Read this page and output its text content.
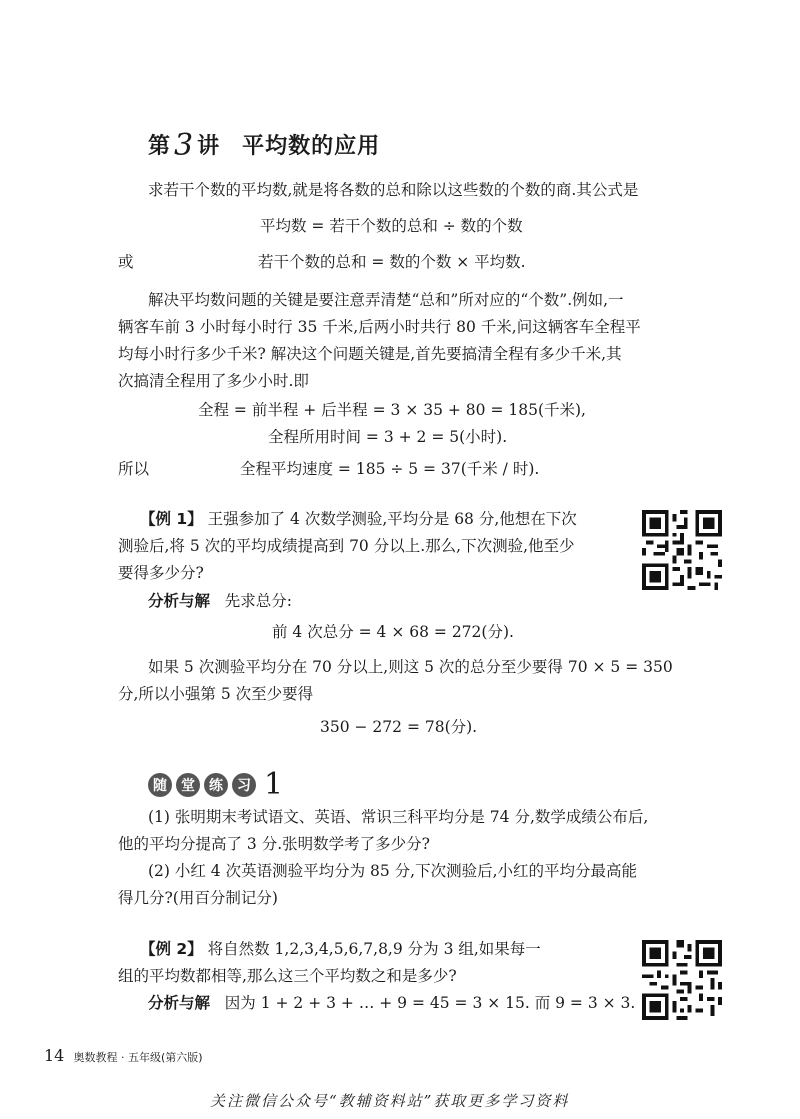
第 3 讲 平均数的应用
求若干个数的平均数,就是将各数的总和除以这些数的个数的商.其公式是
平均数 = 若干个数的总和 ÷ 数的个数
或	若干个数的总和 = 数的个数 × 平均数.
解决平均数问题的关键是要注意弄清楚“总和”所对应的“个数”.例如,一
辆客车前 3 小时每小时行 35 千米,后两小时共行 80 千米,问这辆客车全程平
均每小时行多少千米? 解决这个问题关键是,首先要搞清全程有多少千米,其
次搞清全程用了多少小时.即
全程 = 前半程 + 后半程 = 3 × 35 + 80 = 185(千米),
全程所用时间 = 3 + 2 = 5(小时).
所以	全程平均速度 = 185 ÷ 5 = 37(千米 / 时).
【例 1】 王强参加了 4 次数学测验,平均分是 68 分,他想在下次
测验后,将 5 次的平均成绩提高到 70 分以上.那么,下次测验,他至少
要得多少分?
分析与解 先求总分:
前 4 次总分 = 4 × 68 = 272(分).
如果 5 次测验平均分在 70 分以上,则这 5 次的总分至少要得 70 × 5 = 350
分,所以小强第 5 次至少要得
350 − 272 = 78(分).
随	堂	练	习 1
(1) 张明期末考试语文、英语、常识三科平均分是 74 分,数学成绩公布后,
他的平均分提高了 3 分.张明数学考了多少分?
(2) 小红 4 次英语测验平均分为 85 分,下次测验后,小红的平均分最高能
得几分?(用百分制记分)
【例 2】 将自然数 1,2,3,4,5,6,7,8,9 分为 3 组,如果每一
组的平均数都相等,那么这三个平均数之和是多少?
分析与解 因为 1 + 2 + 3 + … + 9 = 45 = 3 × 15. 而 9 = 3 × 3.
14 奥数教程 · 五年级(第六版)
关注微信公众号“教辅资料站”获取更多学习资料
